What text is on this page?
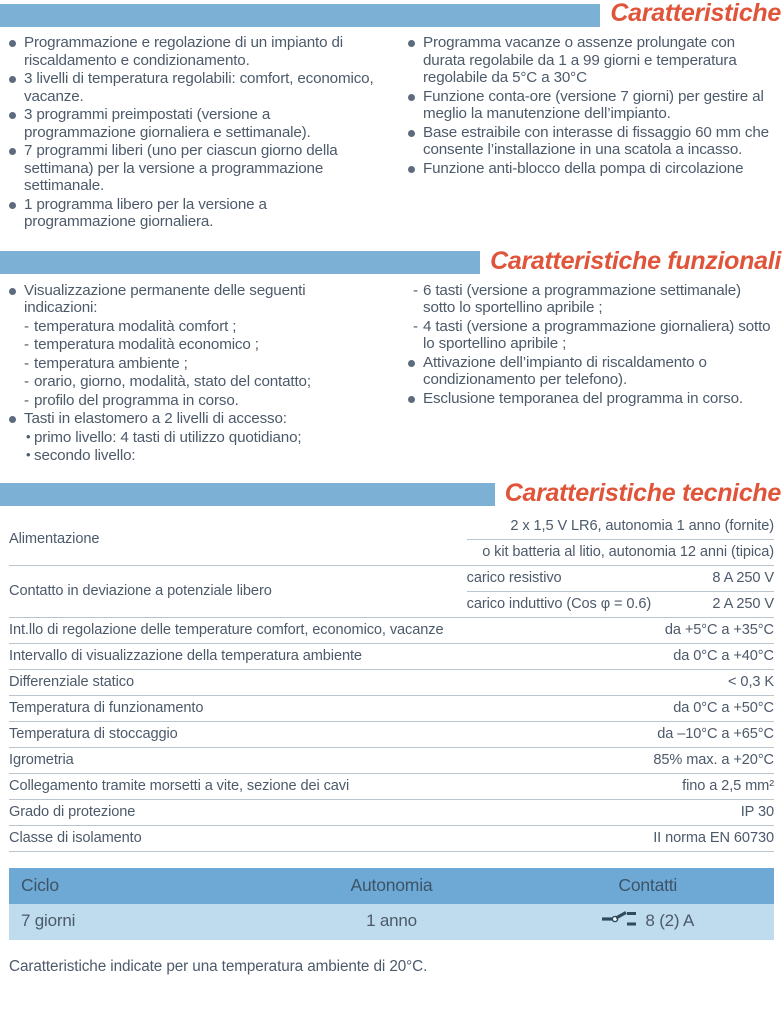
Caratteristiche
Programmazione e regolazione di un impianto di riscaldamento e condizionamento.
3 livelli di temperatura regolabili: comfort, economico, vacanze.
3 programmi preimpostati (versione a programmazione giornaliera e settimanale).
7 programmi liberi (uno per ciascun giorno della settimana) per la versione a programmazione settimanale.
1 programma libero per la versione a programmazione giornaliera.
Programma vacanze o assenze prolungate con durata regolabile da 1 a 99 giorni e temperatura regolabile da 5°C a 30°C
Funzione conta-ore (versione 7 giorni) per gestire al meglio la manutenzione dell’impianto.
Base estraibile con interasse di fissaggio 60 mm che consente l’installazione in una scatola a incasso.
Funzione anti-blocco della pompa di circolazione
Caratteristiche funzionali
Visualizzazione permanente delle seguenti indicazioni:
- temperatura modalità comfort ;
- temperatura modalità economico ;
- temperatura ambiente ;
- orario, giorno, modalità, stato del contatto;
- profilo del programma in corso.
Tasti in elastomero a 2 livelli di accesso:
• primo livello: 4 tasti di utilizzo quotidiano;
• secondo livello:
- 6 tasti (versione a programmazione settimanale) sotto lo sportellino apribile ;
- 4 tasti (versione a programmazione giornaliera) sotto lo sportellino apribile ;
Attivazione dell’impianto di riscaldamento o condizionamento per telefono).
Esclusione temporanea del programma in corso.
Caratteristiche tecniche
Alimentazione	2 x 1,5 V LR6, autonomia 1 anno (fornite)	
	o kit batteria al litio, autonomia 12 anni (tipica)	
Contatto in deviazione a potenziale libero	carico resistivo	8 A 250 V
	carico induttivo (Cos φ = 0.6)	2 A 250 V
Int.llo di regolazione delle temperature comfort, economico, vacanze	da +5°C a +35°C	
Intervallo di visualizzazione della temperatura ambiente	da 0°C a +40°C	
Differenziale statico	< 0,3 K	
Temperatura di funzionamento	da 0°C a +50°C	
Temperatura di stoccaggio	da –10°C a +65°C	
Igrometria	85% max. a +20°C	
Collegamento tramite morsetti a vite, sezione dei cavi	fino a 2,5 mm²	
Grado di protezione	IP 30	
Classe di isolamento	II norma EN 60730	
Ciclo	Autonomia	Contatti
7 giorni	1 anno	8 (2) A
Caratteristiche indicate per una temperatura ambiente di 20°C.
